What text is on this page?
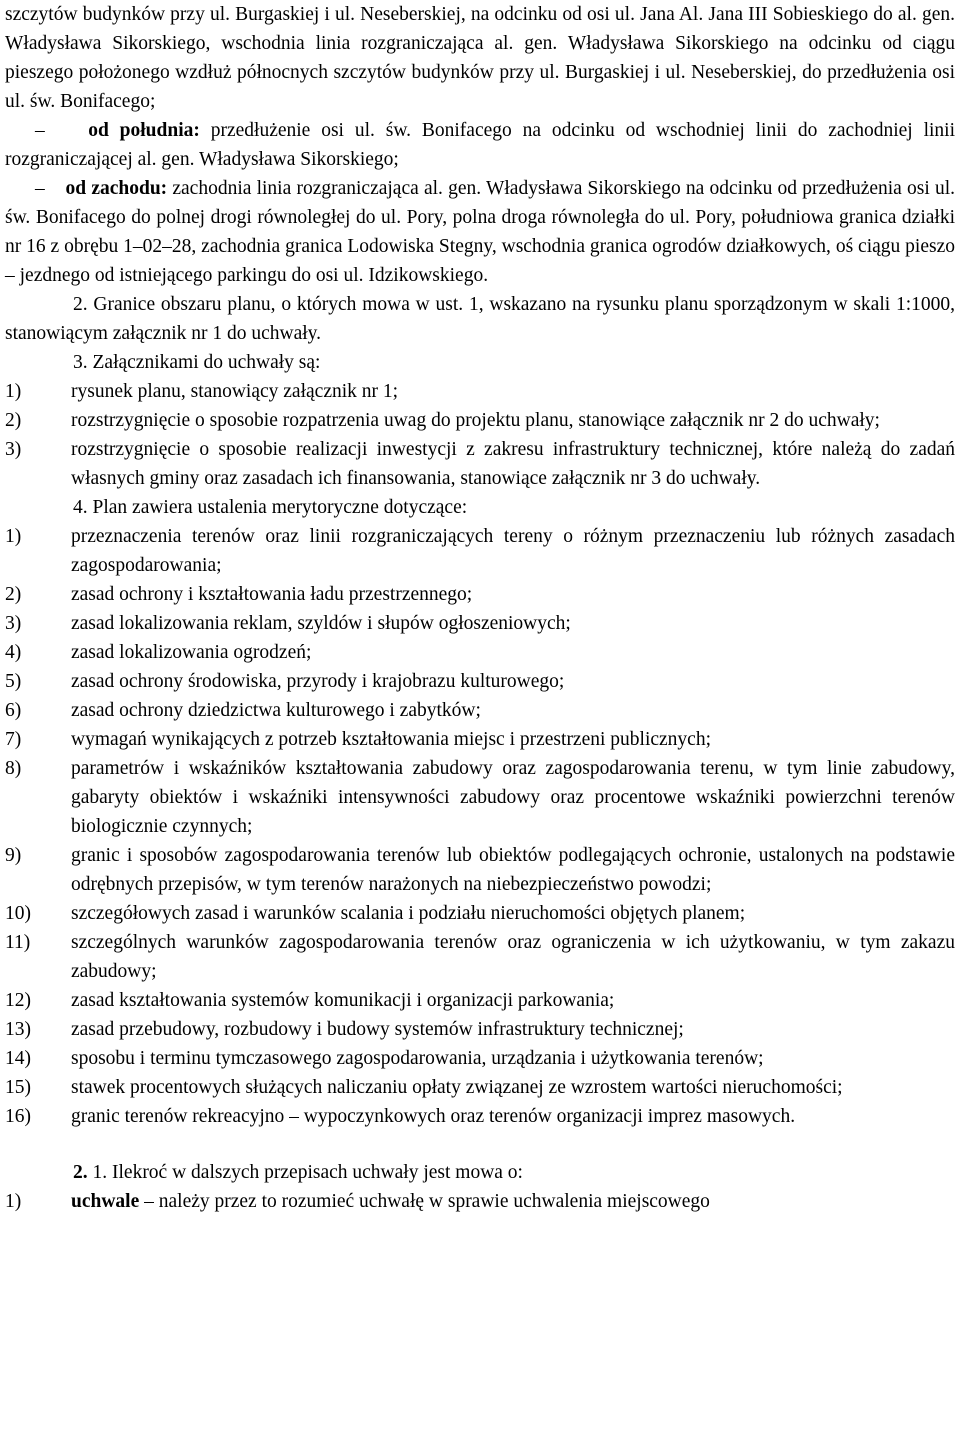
szczytów budynków przy ul. Burgaskiej i ul. Neseberskiej, na odcinku od osi ul. Jana Al. Jana III Sobieskiego do al. gen. Władysława Sikorskiego, wschodnia linia rozgraniczająca al. gen. Władysława Sikorskiego na odcinku od ciągu pieszego położonego wzdłuż północnych szczytów budynków przy ul. Burgaskiej i ul. Neseberskiej, do przedłużenia osi ul. św. Bonifacego;

– od południa: przedłużenie osi ul. św. Bonifacego na odcinku od wschodniej linii do zachodniej linii rozgraniczającej al. gen. Władysława Sikorskiego;

– od zachodu: zachodnia linia rozgraniczająca al. gen. Władysława Sikorskiego na odcinku od przedłużenia osi ul. św. Bonifacego do polnej drogi równoległej do ul. Pory, polna droga równoległa do ul. Pory, południowa granica działki nr 16 z obrębu 1–02–28, zachodnia granica Lodowiska Stegny, wschodnia granica ogrodów działkowych, oś ciągu pieszo – jezdnego od istniejącego parkingu do osi ul. Idzikowskiego.

2. Granice obszaru planu, o których mowa w ust. 1, wskazano na rysunku planu sporządzonym w skali 1:1000, stanowiącym załącznik nr 1 do uchwały.

3. Załącznikami do uchwały są:

1)	rysunek planu, stanowiący załącznik nr 1;
2)	rozstrzygnięcie o sposobie rozpatrzenia uwag do projektu planu, stanowiące załącznik nr 2 do uchwały;
3)	rozstrzygnięcie o sposobie realizacji inwestycji z zakresu infrastruktury technicznej, które należą do zadań własnych gminy oraz zasadach ich finansowania, stanowiące załącznik nr 3 do uchwały.

4. Plan zawiera ustalenia merytoryczne dotyczące:

1)	przeznaczenia terenów oraz linii rozgraniczających tereny o różnym przeznaczeniu lub różnych zasadach zagospodarowania;
2)	zasad ochrony i kształtowania ładu przestrzennego;
3)	zasad lokalizowania reklam, szyldów i słupów ogłoszeniowych;
4)	zasad lokalizowania ogrodzeń;
5)	zasad ochrony środowiska, przyrody i krajobrazu kulturowego;
6)	zasad ochrony dziedzictwa kulturowego i zabytków;
7)	wymagań wynikających z potrzeb kształtowania miejsc i przestrzeni publicznych;
8)	parametrów i wskaźników kształtowania zabudowy oraz zagospodarowania terenu, w tym linie zabudowy, gabaryty obiektów i wskaźniki intensywności zabudowy oraz procentowe wskaźniki powierzchni terenów biologicznie czynnych;
9)	granic i sposobów zagospodarowania terenów lub obiektów podlegających ochronie, ustalonych na podstawie odrębnych przepisów, w tym terenów narażonych na niebezpieczeństwo powodzi;
10)	szczegółowych zasad i warunków scalania i podziału nieruchomości objętych planem;
11)	szczególnych warunków zagospodarowania terenów oraz ograniczenia w ich użytkowaniu, w tym zakazu zabudowy;
12)	zasad kształtowania systemów komunikacji i organizacji parkowania;
13)	zasad przebudowy, rozbudowy i budowy systemów infrastruktury technicznej;
14)	sposobu i terminu tymczasowego zagospodarowania, urządzania i użytkowania terenów;
15)	stawek procentowych służących naliczaniu opłaty związanej ze wzrostem wartości nieruchomości;
16)	granic terenów rekreacyjno – wypoczynkowych oraz terenów organizacji imprez masowych.

2. 1. Ilekroć w dalszych przepisach uchwały jest mowa o:

1)	uchwale – należy przez to rozumieć uchwałę w sprawie uchwalenia miejscowego
